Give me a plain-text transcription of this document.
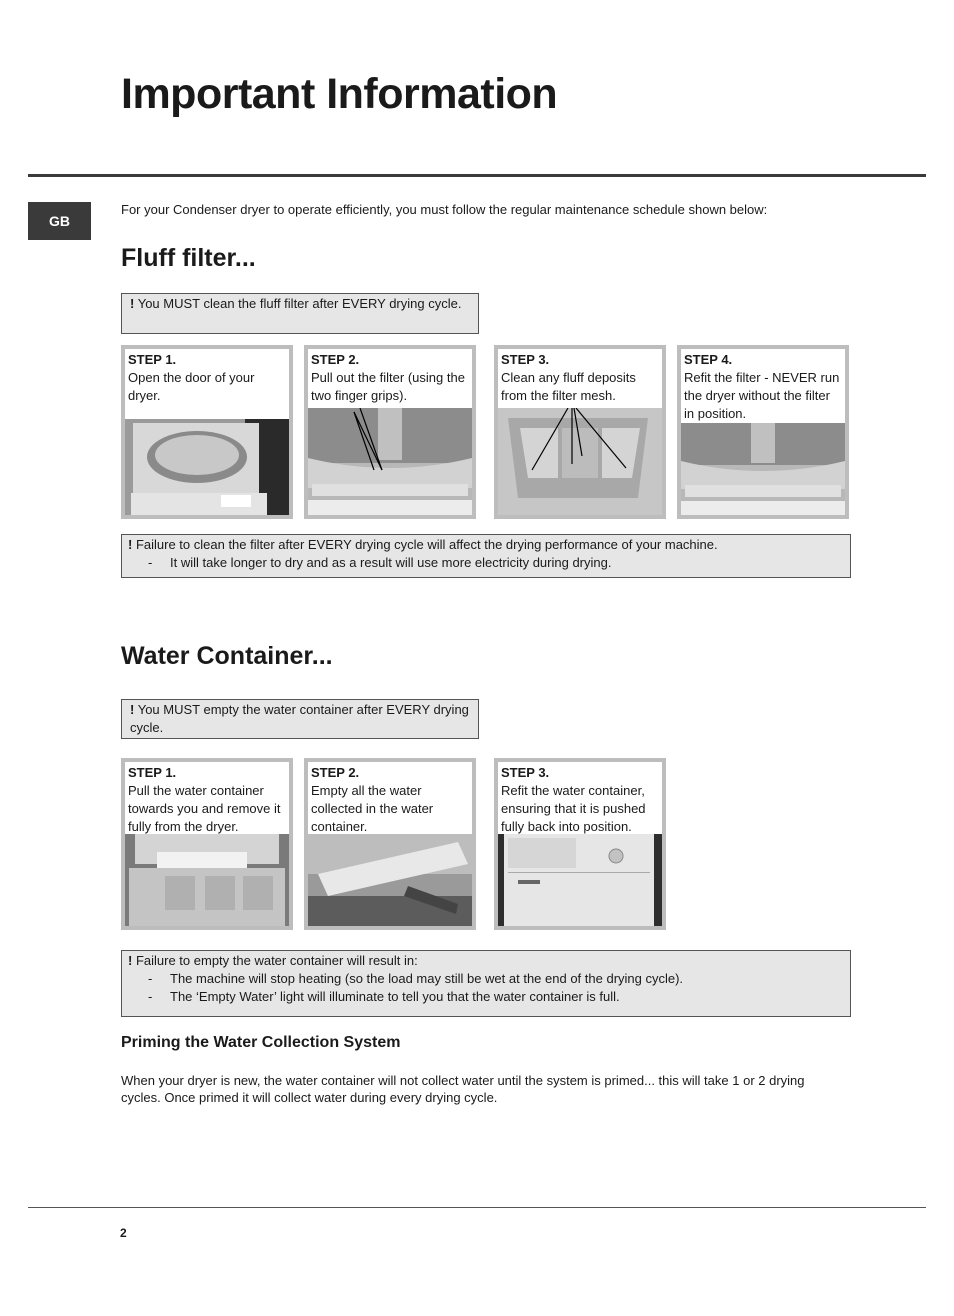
Important Information
GB
For your Condenser dryer to operate efficiently, you must follow the regular maintenance schedule shown below:
Fluff filter...
! You MUST clean the fluff filter after EVERY drying cycle.
STEP 1.
Open the door of your dryer.
STEP 2.
Pull out the filter (using the two finger grips).
STEP 3.
Clean any fluff deposits from the filter mesh.
STEP 4.
Refit the filter - NEVER run the dryer without the filter in position.
! Failure to clean the filter after EVERY drying cycle will affect the drying performance of your machine.
- It will take longer to dry and as a result will use more electricity during drying.
Water Container...
! You MUST empty the water container after EVERY drying cycle.
STEP 1.
Pull the water container towards you and remove it fully from the dryer.
STEP 2.
Empty all the water collected in the water container.
STEP 3.
Refit the water container, ensuring that it is pushed fully back into position.
! Failure to empty the water container will result in:
- The machine will stop heating (so the load may still be wet at the end of the drying cycle).
- The ‘Empty Water’ light will illuminate to tell you that the water container is full.
Priming the Water Collection System
When your dryer is new, the water container will not collect water until the system is primed... this will take 1 or 2 drying cycles. Once primed it will collect water during every drying cycle.
2
